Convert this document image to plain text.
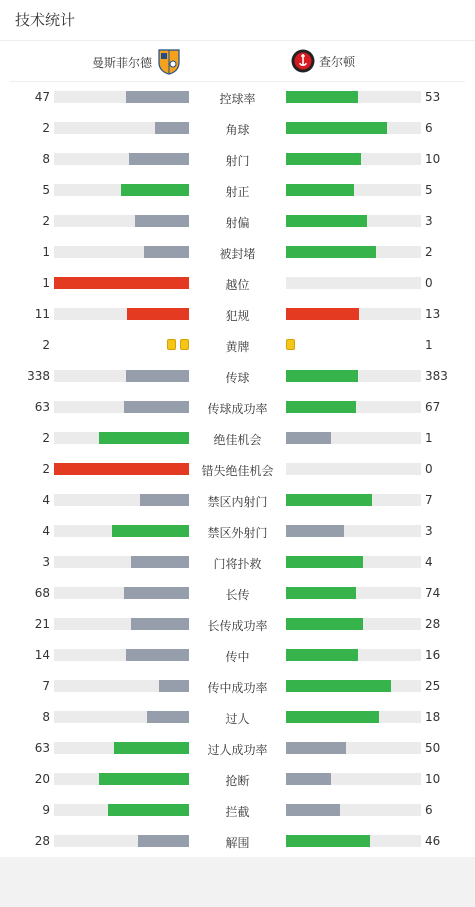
技术统计
曼斯菲尔德	查尔顿
47	控球率	53
2	角球	6
8	射门	10
5	射正	5
2	射偏	3
1	被封堵	2
1	越位	0
11	犯规	13
2	黄牌	1
338	传球	383
63	传球成功率	67
2	绝佳机会	1
2	错失绝佳机会	0
4	禁区内射门	7
4	禁区外射门	3
3	门将扑救	4
68	长传	74
21	长传成功率	28
14	传中	16
7	传中成功率	25
8	过人	18
63	过人成功率	50
20	抢断	10
9	拦截	6
28	解围	46
